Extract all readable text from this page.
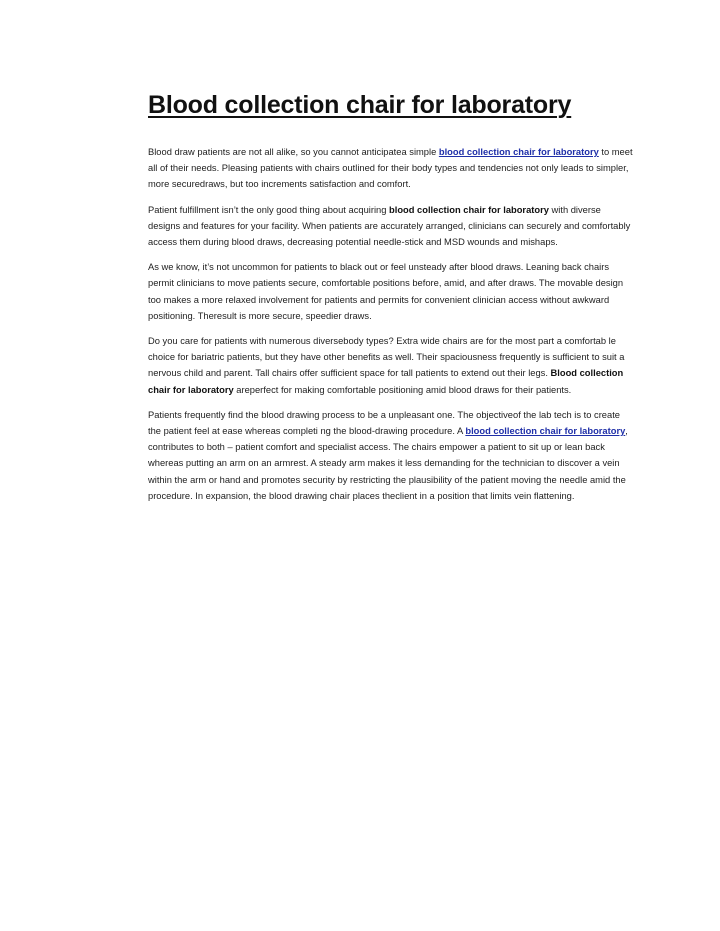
Blood collection chair for laboratory

Blood draw patients are not all alike, so you cannot anticipatea simple blood collection chair for laboratory to meet all of their needs. Pleasing patients with chairs outlined for their body types and tendencies not only leads to simpler, more securedraws, but too increments satisfaction and comfort.

Patient fulfillment isn’t the only good thing about acquiring blood collection chair for laboratory with diverse designs and features for your facility. When patients are accurately arranged, clinicians can securely and comfortably access them during blood draws, decreasing potential needle-stick and MSD wounds and mishaps.

As we know, it’s not uncommon for patients to black out or feel unsteady after blood draws. Leaning back chairs permit clinicians to move patients secure, comfortable positions before, amid, and after draws. The movable design too makes a more relaxed involvement for patients and permits for convenient clinician access without awkward positioning. Theresult is more secure, speedier draws.

Do you care for patients with numerous diversebody types? Extra wide chairs are for the most part a comfortab le choice for bariatric patients, but they have other benefits as well. Their spaciousness frequently is sufficient to suit a nervous child and parent. Tall chairs offer sufficient space for tall patients to extend out their legs. Blood collection chair for laboratory areperfect for making comfortable positioning amid blood draws for their patients.

Patients frequently find the blood drawing process to be a unpleasant one. The objectiveof the lab tech is to create the patient feel at ease whereas completi ng the blood-drawing procedure. A blood collection chair for laboratory, contributes to both – patient comfort and specialist access. The chairs empower a patient to sit up or lean back whereas putting an arm on an armrest. A steady arm makes it less demanding for the technician to discover a vein within the arm or hand and promotes security by restricting the plausibility of the patient moving the needle amid the procedure. In expansion, the blood drawing chair places theclient in a position that limits vein flattening.
